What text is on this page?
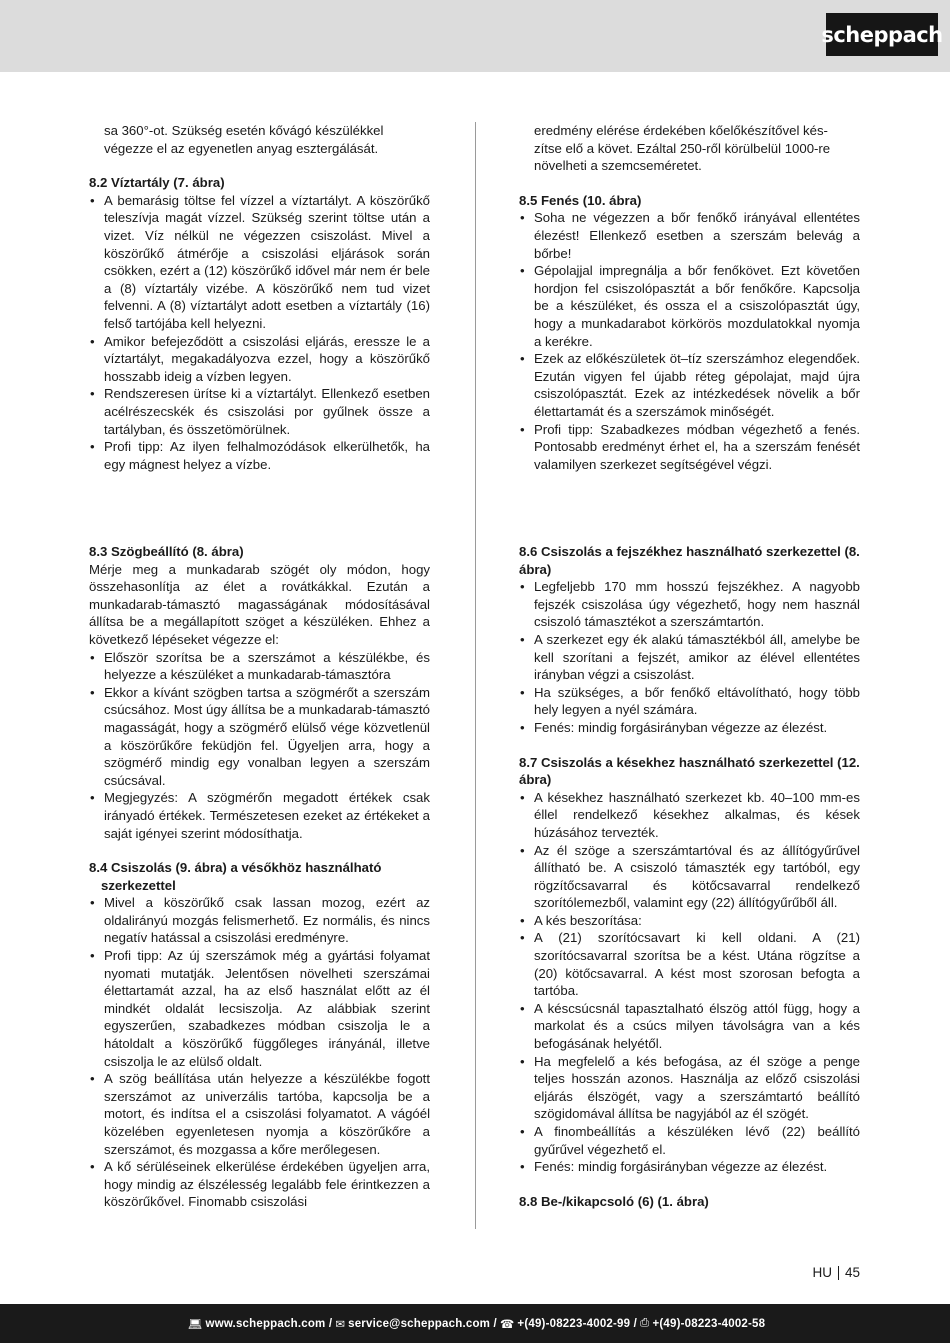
scheppach

sa 360°-ot. Szükség esetén kővágó készülékkel

végezze el az egyenetlen anyag esztergálását.

8.2 Víztartály (7. ábra)
• A bemarásig töltse fel vízzel a víztartályt. A köszörűkő teleszívja magát vízzel. Szükség szerint töltse után a vizet. Víz nélkül ne végezzen csiszolást. Mivel a köszörűkő átmérője a csiszolási eljárások során csökken, ezért a (12) köszörűkő idővel már nem ér bele a (8) víztartály vizébe. A köszörűkő nem tud vizet felvenni. A (8) víztartályt adott esetben a víztartály (16) felső tartójába kell helyezni.
• Amikor befejeződött a csiszolási eljárás, eressze le a víztartályt, megakadályozva ezzel, hogy a köszörűkő hosszabb ideig a vízben legyen.
• Rendszeresen ürítse ki a víztartályt. Ellenkező esetben acélrészecskék és csiszolási por gyűlnek össze a tartályban, és összetömörülnek.
• Profi tipp: Az ilyen felhalmozódások elkerülhetők, ha egy mágnest helyez a vízbe.

eredmény elérése érdekében kőelőkészítővel kés-

zítse elő a követ. Ezáltal 250-ről körülbelül 1000-re

növelheti a szemcseméretet.

8.5 Fenés (10. ábra)
• Soha ne végezzen a bőr fenőkő irányával ellentétes élezést! Ellenkező esetben a szerszám belevág a bőrbe!
• Gépolajjal impregnálja a bőr fenőkövet. Ezt követően hordjon fel csiszolópasztát a bőr fenőkőre. Kapcsolja be a készüléket, és ossza el a csiszolópasztát úgy, hogy a munkadarabot körkörös mozdulatokkal nyomja a kerékre.
• Ezek az előkészületek öt–tíz szerszámhoz elegendőek. Ezután vigyen fel újabb réteg gépolajat, majd újra csiszolópasztát. Ezek az intézkedések növelik a bőr élettartamát és a szerszámok minőségét.
• Profi tipp: Szabadkezes módban végezhető a fenés. Pontosabb eredményt érhet el, ha a szerszám fenését valamilyen szerkezet segítségével végzi.
8.3 Szögbeállító (8. ábra)

Mérje meg a munkadarab szögét oly módon, hogy összehasonlítja az élet a rovátkákkal. Ezután a munkadarab-támasztó magasságának módosításával állítsa be a megállapított szöget a készüléken. Ehhez a következő lépéseket végezze el:

• Először szorítsa be a szerszámot a készülékbe, és helyezze a készüléket a munkadarab-támasztóra
• Ekkor a kívánt szögben tartsa a szögmérőt a szerszám csúcsához. Most úgy állítsa be a munkadarab-támasztó magasságát, hogy a szögmérő elülső vége közvetlenül a köszörűkőre feküdjön fel. Ügyeljen arra, hogy a szögmérő mindig egy vonalban legyen a szerszám csúcsával.
• Megjegyzés: A szögmérőn megadott értékek csak irányadó értékek. Természetesen ezeket az értékeket a saját igényei szerint módosíthatja.
8.4 Csiszolás (9. ábra) a vésőkhöz használható szerkezettel
• Mivel a köszörűkő csak lassan mozog, ezért az oldalirányú mozgás felismerhető. Ez normális, és nincs negatív hatással a csiszolási eredményre.
• Profi tipp: Az új szerszámok még a gyártási folyamat nyomati mutatják. Jelentősen növelheti szerszámai élettartamát azzal, ha az első használat előtt az él mindkét oldalát lecsiszolja. Az alábbiak szerint egyszerűen, szabadkezes módban csiszolja le a hátoldalt a köszörűkő függőleges irányánál, illetve csiszolja le az elülső oldalt.
• A szög beállítása után helyezze a készülékbe fogott szerszámot az univerzális tartóba, kapcsolja be a motort, és indítsa el a csiszolási folyamatot. A vágóél közelében egyenletesen nyomja a köszörűkőre a szerszámot, és mozgassa a kőre merőlegesen.
• A kő sérüléseinek elkerülése érdekében ügyeljen arra, hogy mindig az élszélesség legalább fele érintkezzen a köszörűkővel. Finomabb csiszolási
8.6 Csiszolás a fejszékhez használható szerkezettel (8. ábra)
• Legfeljebb 170 mm hosszú fejszékhez. A nagyobb fejszék csiszolása úgy végezhető, hogy nem használ csiszoló támasztékot a szerszámtartón.
• A szerkezet egy ék alakú támasztékból áll, amelybe be kell szorítani a fejszét, amikor az élével ellentétes irányban végzi a csiszolást.
• Ha szükséges, a bőr fenőkő eltávolítható, hogy több hely legyen a nyél számára.
• Fenés: mindig forgásirányban végezze az élezést.
8.7 Csiszolás a késekhez használható szerkezettel (12. ábra)
• A késekhez használható szerkezet kb. 40–100 mm-es éllel rendelkező késekhez alkalmas, és kések húzásához tervezték.
• Az él szöge a szerszámtartóval és az állítógyűrűvel állítható be. A csiszoló támaszték egy tartóból, egy rögzítőcsavarral és kötőcsavarral rendelkező szorítólemezből, valamint egy (22) állítógyűrűből áll.
• A kés beszorítása:
• A (21) szorítócsavart ki kell oldani. A (21) szorítócsavarral szorítsa be a kést. Utána rögzítse a (20) kötőcsavarral. A kést most szorosan befogta a tartóba.
• A késcsúcsnál tapasztalható élszög attól függ, hogy a markolat és a csúcs milyen távolságra van a kés befogásának helyétől.
• Ha megfelelő a kés befogása, az él szöge a penge teljes hosszán azonos. Használja az előző csiszolási eljárás élszögét, vagy a szerszámtartó beállító szögidomával állítsa be nagyjából az él szögét.
• A finombeállítás a készüléken lévő (22) beállító gyűrűvel végezhető el.
• Fenés: mindig forgásirányban végezze az élezést.
8.8 Be-/kikapcsoló (6) (1. ábra)
HU 45
💻︎ www.scheppach.com / ✉︎ service@scheppach.com / ☎︎ +(49)-08223-4002-99 / ⎙ +(49)-08223-4002-58
